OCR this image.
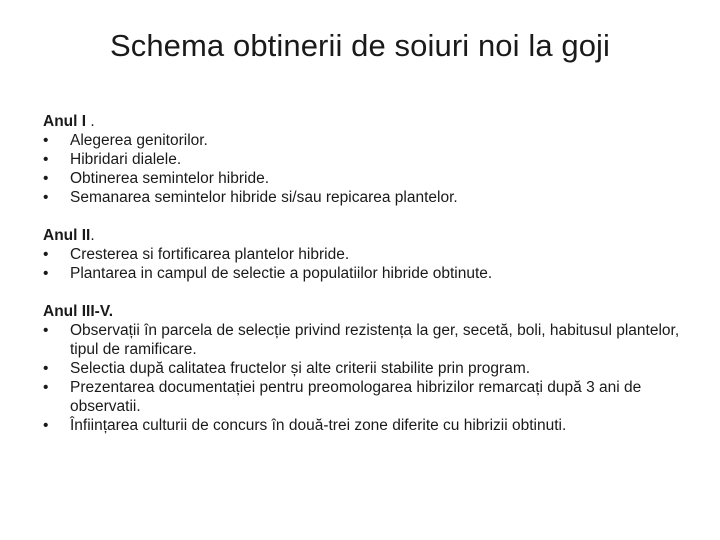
Schema obtinerii de soiuri noi la goji
Anul I .
• Alegerea genitorilor.
• Hibridari dialele.
• Obtinerea semintelor hibride.
• Semanarea semintelor hibride si/sau repicarea plantelor.
Anul II.
• Cresterea si fortificarea plantelor hibride.
• Plantarea in campul de selectie a populatiilor hibride obtinute.
Anul III-V.
• Observații în parcela de selecție privind rezistența la ger, secetă, boli, habitusul plantelor, tipul de ramificare.
• Selectia după calitatea fructelor și alte criterii stabilite prin program.
• Prezentarea documentației pentru preomologarea hibrizilor remarcați după 3 ani de observatii.
• Înființarea culturii de concurs în două-trei zone diferite cu hibrizii obtinuti.
